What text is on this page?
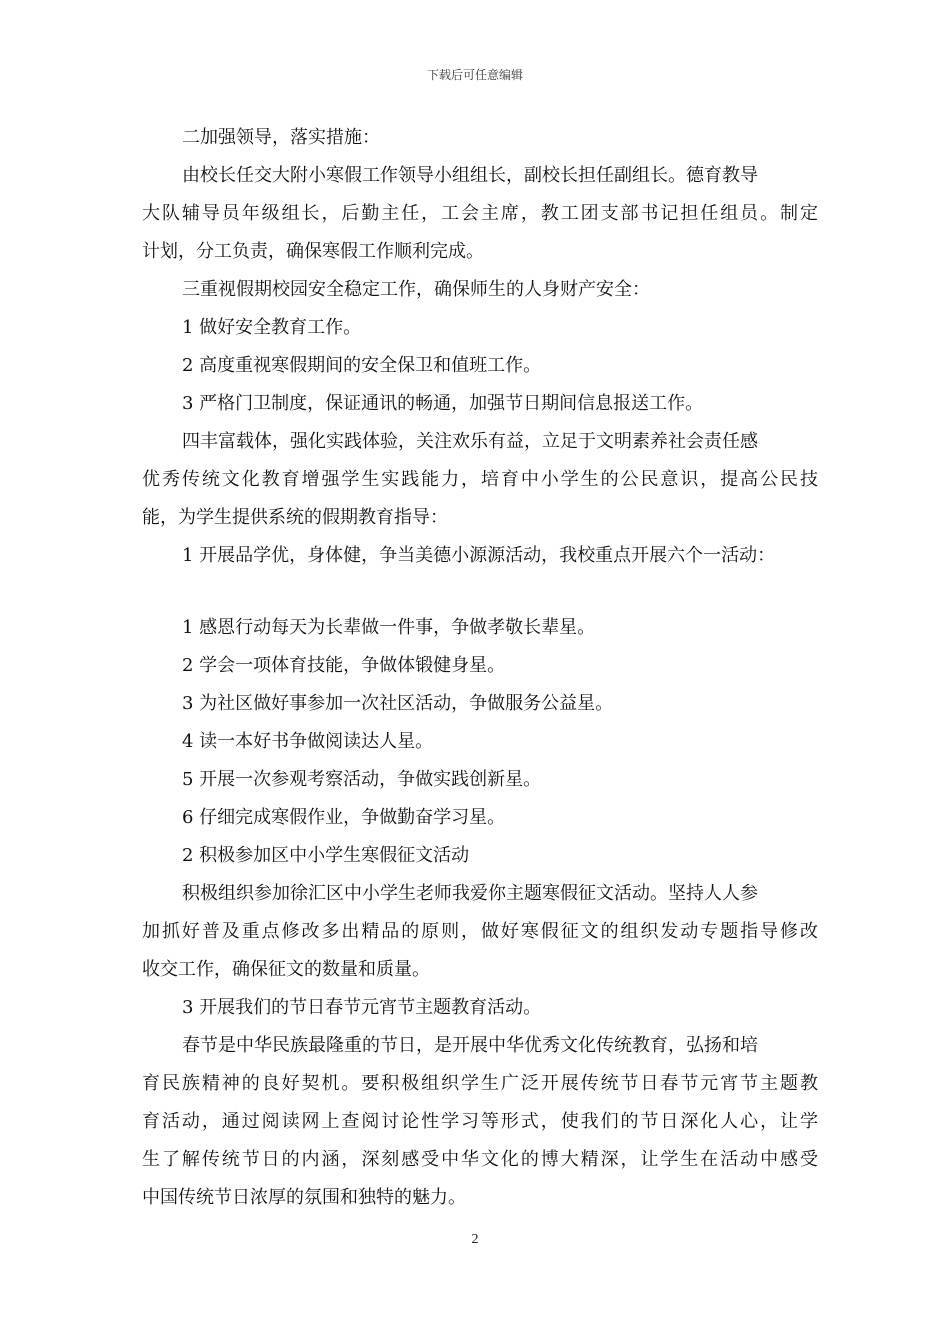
下载后可任意编辑
二加强领导，落实措施：
由校长任交大附小寒假工作领导小组组长，副校长担任副组长。德育教导
大队辅导员年级组长，后勤主任，工会主席，教工团支部书记担任组员。制定
计划，分工负责，确保寒假工作顺利完成。
三重视假期校园安全稳定工作，确保师生的人身财产安全：
1 做好安全教育工作。
2 高度重视寒假期间的安全保卫和值班工作。
3 严格门卫制度，保证通讯的畅通，加强节日期间信息报送工作。
四丰富载体，强化实践体验，关注欢乐有益，立足于文明素养社会责任感
优秀传统文化教育增强学生实践能力，培育中小学生的公民意识，提高公民技
能，为学生提供系统的假期教育指导：
1 开展品学优，身体健，争当美德小源源活动，我校重点开展六个一活动：
1 感恩行动每天为长辈做一件事，争做孝敬长辈星。
2 学会一项体育技能，争做体锻健身星。
3 为社区做好事参加一次社区活动，争做服务公益星。
4 读一本好书争做阅读达人星。
5 开展一次参观考察活动，争做实践创新星。
6 仔细完成寒假作业，争做勤奋学习星。
2 积极参加区中小学生寒假征文活动
积极组织参加徐汇区中小学生老师我爱你主题寒假征文活动。坚持人人参
加抓好普及重点修改多出精品的原则，做好寒假征文的组织发动专题指导修改
收交工作，确保征文的数量和质量。
3 开展我们的节日春节元宵节主题教育活动。
春节是中华民族最隆重的节日，是开展中华优秀文化传统教育，弘扬和培
育民族精神的良好契机。要积极组织学生广泛开展传统节日春节元宵节主题教
育活动，通过阅读网上查阅讨论性学习等形式，使我们的节日深化人心，让学
生了解传统节日的内涵，深刻感受中华文化的博大精深，让学生在活动中感受
中国传统节日浓厚的氛围和独特的魅力。
2
